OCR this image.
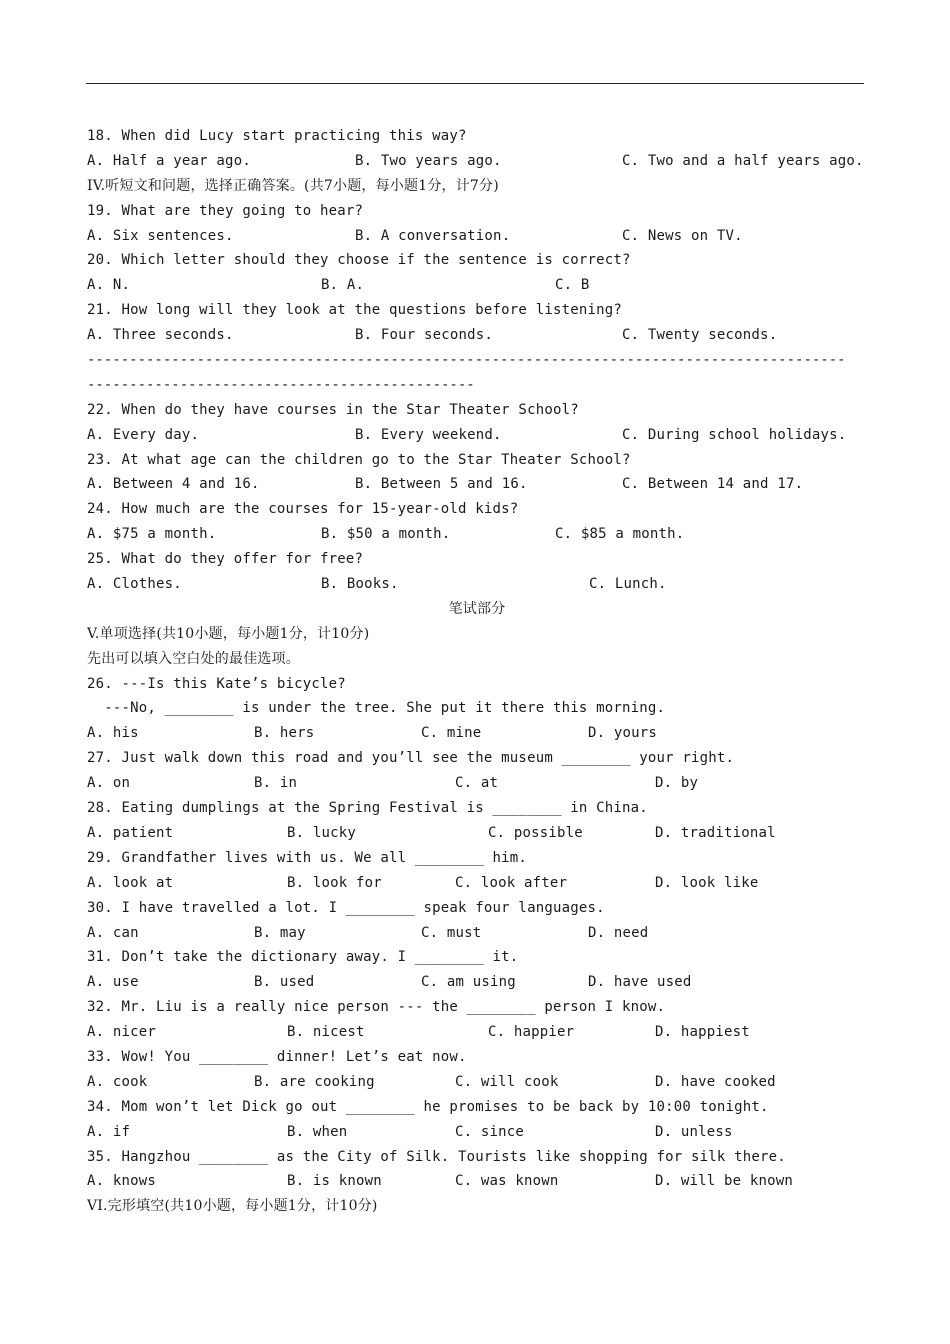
18. When did Lucy start practicing this way?

A. Half a year ago.

	B. Two years ago.

	C. Two and a half years ago.

IV.听短文和问题，选择正确答案。(共7小题，每小题1分，计7分)
19. What are they going to hear?

A. Six sentences.

	B. A conversation.

	C. News on TV.

20. Which letter should they choose if the sentence is correct?

A. N.

	B. A.

	C. B

21. How long will they look at the questions before listening?

A. Three seconds.

	B. Four seconds.

	C. Twenty seconds.

------------------------------------------------------------------------------------------
----------------------------------------------
22. When do they have courses in the Star Theater School?

A. Every day.

	B. Every weekend.

	C. During school holidays.

23. At what age can the children go to the Star Theater School?

A. Between 4 and 16.

	B. Between 5 and 16.

	C. Between 14 and 17.

24. How much are the courses for 15-year-old kids?

A. $75 a month.

	B. $50 a month.

	C. $85 a month.

25. What do they offer for free?

A. Clothes.

	B. Books.

	C. Lunch.

笔试部分
V.单项选择(共10小题，每小题1分，计10分)
先出可以填入空白处的最佳选项。
26. ---Is this Kate’s bicycle?
---No, ________ is under the tree. She put it there this morning.

A. his

	B. hers

	C. mine

	D. yours

27. Just walk down this road and you’ll see the museum ________ your right.

A. on

	B. in

	C. at

	D. by

28. Eating dumplings at the Spring Festival is ________ in China.

A. patient

	B. lucky

	C. possible

	D. traditional

29. Grandfather lives with us. We all ________ him.

A. look at

	B. look for

	C. look after

	D. look like

30. I have travelled a lot. I ________ speak four languages.

A. can

	B. may

	C. must

	D. need

31. Don’t take the dictionary away. I ________ it.

A. use

	B. used

	C. am using

	D. have used

32. Mr. Liu is a really nice person --- the ________ person I know.

A. nicer

	B. nicest

	C. happier

	D. happiest

33. Wow! You ________ dinner! Let’s eat now.

A. cook

	B. are cooking

	C. will cook

	D. have cooked

34. Mom won’t let Dick go out ________ he promises to be back by 10:00 tonight.

A. if

	B. when

	C. since

	D. unless

35. Hangzhou ________ as the City of Silk. Tourists like shopping for silk there.

A. knows

	B. is known

	C. was known

	D. will be known

VI.完形填空(共10小题，每小题1分，计10分)
